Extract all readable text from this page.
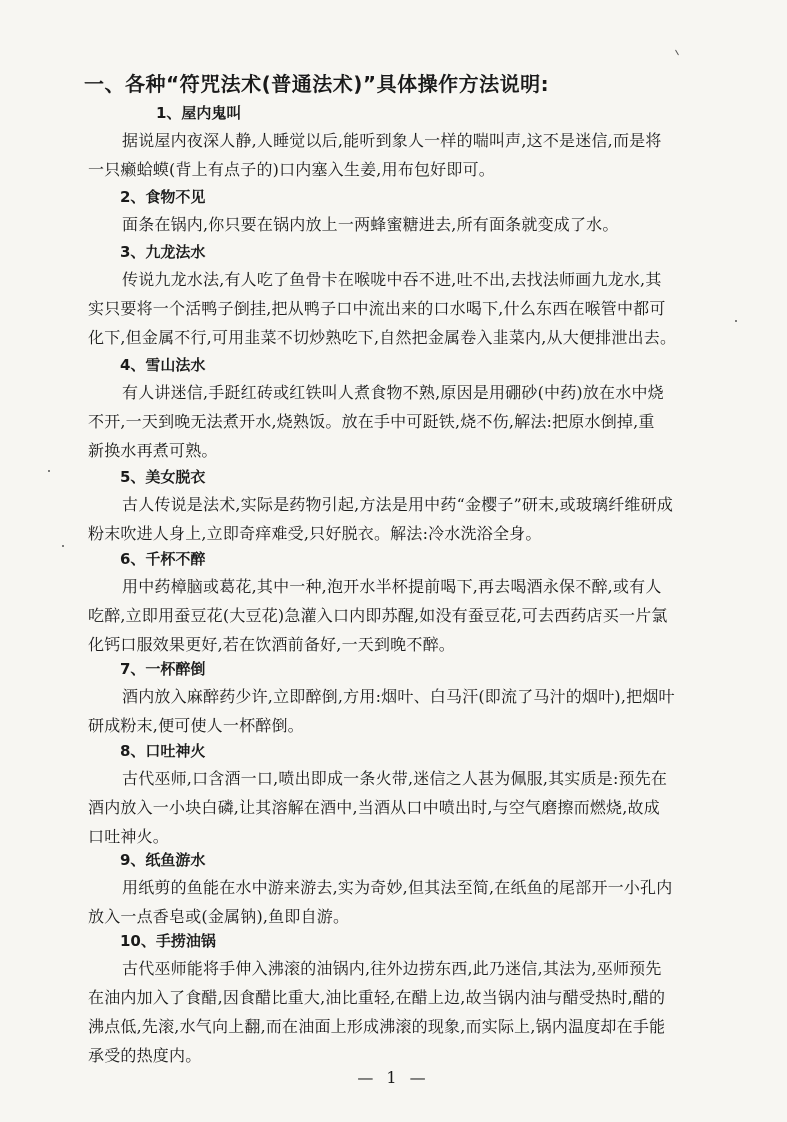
一、各种“符咒法术(普通法术)”具体操作方法说明:
1、屋内鬼叫
据说屋内夜深人静,人睡觉以后,能听到象人一样的喘叫声,这不是迷信,而是将
一只癞蛤蟆(背上有点子的)口内塞入生姜,用布包好即可。
2、食物不见
面条在锅内,你只要在锅内放上一两蜂蜜糖进去,所有面条就变成了水。
3、九龙法水
传说九龙水法,有人吃了鱼骨卡在喉咙中吞不进,吐不出,去找法师画九龙水,其
实只要将一个活鸭子倒挂,把从鸭子口中流出来的口水喝下,什么东西在喉管中都可
化下,但金属不行,可用韭菜不切炒熟吃下,自然把金属卷入韭菜内,从大便排泄出去。
4、雪山法水
有人讲迷信,手跹红砖或红铁叫人煮食物不熟,原因是用硼砂(中药)放在水中烧
不开,一天到晚无法煮开水,烧熟饭。放在手中可跹铁,烧不伤,解法:把原水倒掉,重
新换水再煮可熟。
5、美女脱衣
古人传说是法术,实际是药物引起,方法是用中药“金樱子”研末,或玻璃纤维研成
粉末吹进人身上,立即奇痒难受,只好脱衣。解法:冷水洗浴全身。
6、千杯不醉
用中药樟脑或葛花,其中一种,泡开水半杯提前喝下,再去喝酒永保不醉,或有人
吃醉,立即用蚕豆花(大豆花)急灌入口内即苏醒,如没有蚕豆花,可去西药店买一片氯
化钙口服效果更好,若在饮酒前备好,一天到晚不醉。
7、一杯醉倒
酒内放入麻醉药少许,立即醉倒,方用:烟叶、白马汗(即流了马汁的烟叶),把烟叶
研成粉末,便可使人一杯醉倒。
8、口吐神火
古代巫师,口含酒一口,喷出即成一条火带,迷信之人甚为佩服,其实质是:预先在
酒内放入一小块白磷,让其溶解在酒中,当酒从口中喷出时,与空气磨擦而燃烧,故成
口吐神火。
9、纸鱼游水
用纸剪的鱼能在水中游来游去,实为奇妙,但其法至简,在纸鱼的尾部开一小孔内
放入一点香皂或(金属钠),鱼即自游。
10、手捞油锅
古代巫师能将手伸入沸滚的油锅内,往外边捞东西,此乃迷信,其法为,巫师预先
在油内加入了食醋,因食醋比重大,油比重轻,在醋上边,故当锅内油与醋受热时,醋的
沸点低,先滚,水气向上翻,而在油面上形成沸滚的现象,而实际上,锅内温度却在手能
承受的热度内。
— 1 —
